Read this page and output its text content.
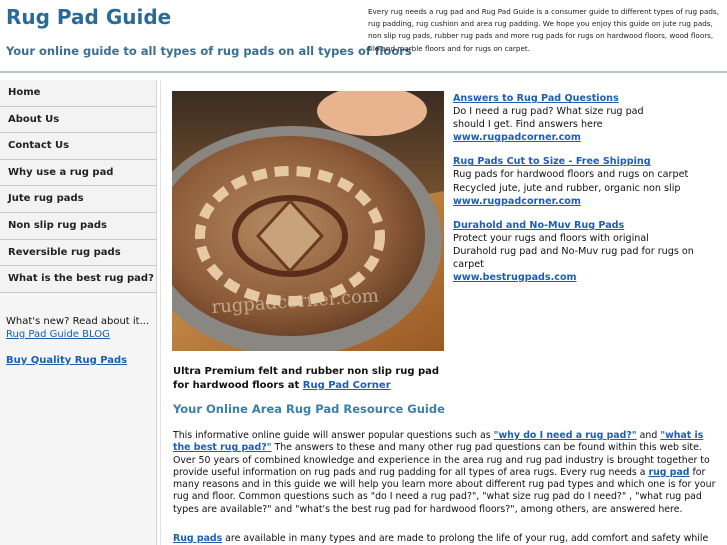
Rug Pad Guide
Your online guide to all types of rug pads on all types of floors
Every rug needs a rug pad and Rug Pad Guide is a consumer guide to different types of rug pads, rug padding, rug cushion and area rug padding. We hope you enjoy this guide on jute rug pads, non slip rug pads, rubber rug pads and more rug pads for rugs on hardwood floors, wood floors, tile and marble floors and for rugs on carpet.
Home
About Us
Contact Us
Why use a rug pad
Jute rug pads
Non slip rug pads
Reversible rug pads
What is the best rug pad?
What's new? Read about it...
Rug Pad Guide BLOG
Buy Quality Rug Pads
rugpadcorner.com
Ultra Premium felt and rubber non slip rug pad for hardwood floors at Rug Pad Corner
Answers to Rug Pad Questions
Do I need a rug pad? What size rug pad
should I get. Find answers here
www.rugpadcorner.com
Rug Pads Cut to Size - Free Shipping
Rug pads for hardwood floors and rugs on carpet
Recycled jute, jute and rubber, organic non slip
www.rugpadcorner.com
Durahold and No-Muv Rug Pads
Protect your rugs and floors with original
Durahold rug pad and No-Muv rug pad for rugs on carpet
www.bestrugpads.com
Your Online Area Rug Pad Resource Guide

This informative online guide will answer popular questions such as "why do I need a rug pad?" and "what is the best rug pad?" The answers to these and many other rug pad questions can be found within this web site. Over 50 years of combined knowledge and experience in the area rug and rug pad industry is brought together to provide useful information on rug pads and rug padding for all types of area rugs. Every rug needs a rug pad for many reasons and in this guide we will help you learn more about different rug pad types and which one is for your rug and floor. Common questions such as "do I need a rug pad?", "what size rug pad do I need?" , "what rug pad types are available?" and "what's the best rug pad for hardwood floors?", among others, are answered here.

Rug pads are available in many types and are made to prolong the life of your rug, add comfort and safety while
